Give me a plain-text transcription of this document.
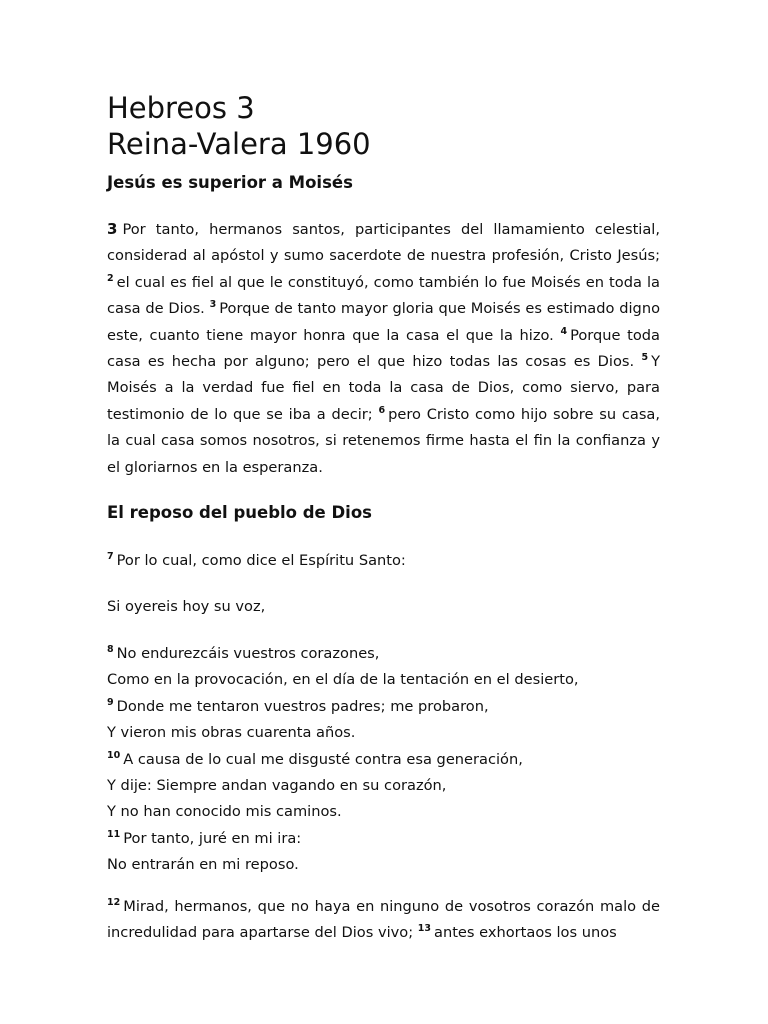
Hebreos 3
Reina-Valera 1960
Jesús es superior a Moisés

3 Por tanto, hermanos santos, participantes del llamamiento celestial, considerad al apóstol y sumo sacerdote de nuestra profesión, Cristo Jesús; $^2$ el cual es fiel al que le constituyó, como también lo fue Moisés en toda la casa de Dios. $^3$ Porque de tanto mayor gloria que Moisés es estimado digno este, cuanto tiene mayor honra que la casa el que la hizo. $^4$ Porque toda casa es hecha por alguno; pero el que hizo todas las cosas es Dios. $^5$ Y Moisés a la verdad fue fiel en toda la casa de Dios, como siervo, para testimonio de lo que se iba a decir; $^6$ pero Cristo como hijo sobre su casa, la cual casa somos nosotros, si retenemos firme hasta el fin la confianza y el gloriarnos en la esperanza.

El reposo del pueblo de Dios

$^7$ Por lo cual, como dice el Espíritu Santo:

Si oyereis hoy su voz,

$^8$ No endurezcáis vuestros corazones,
Como en la provocación, en el día de la tentación en el desierto,
$^9$ Donde me tentaron vuestros padres; me probaron,
Y vieron mis obras cuarenta años.
$^{10}$ A causa de lo cual me disgusté contra esa generación,
Y dije: Siempre andan vagando en su corazón,
Y no han conocido mis caminos.
$^{11}$ Por tanto, juré en mi ira:
No entrarán en mi reposo.

$^{12}$ Mirad, hermanos, que no haya en ninguno de vosotros corazón malo de incredulidad para apartarse del Dios vivo; $^{13}$ antes exhortaos los unos
